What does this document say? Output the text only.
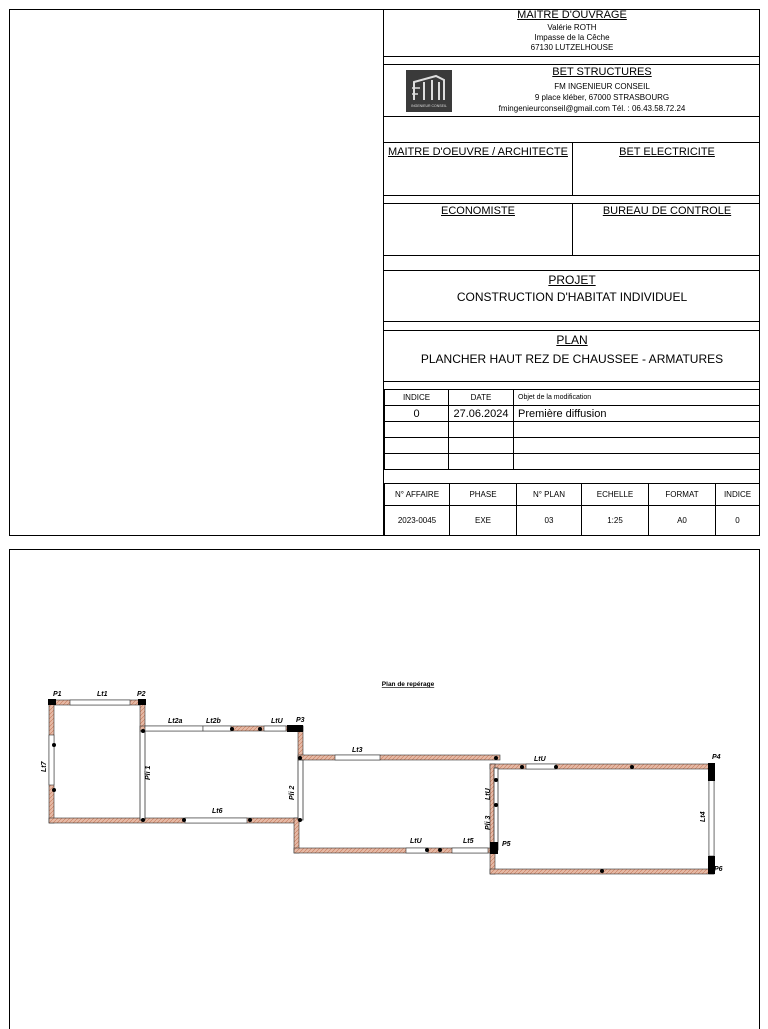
MAITRE D'OUVRAGE
Valérie ROTH
Impasse de la Cêche
67130 LUTZELHOUSE
INGENIEUR CONSEIL
BET STRUCTURES
FM INGENIEUR CONSEIL
9 place kléber, 67000 STRASBOURG
fmingenieurconseil@gmail.com Tél. : 06.43.58.72.24
MAITRE D'OEUVRE / ARCHITECTE	BET ELECTRICITE
ECONOMISTE	BUREAU DE CONTROLE
PROJET
CONSTRUCTION D'HABITAT INDIVIDUEL
PLAN
PLANCHER HAUT REZ DE CHAUSSEE - ARMATURES
INDICE	DATE	Objet de la modification
0	27.06.2024	Première diffusion

N° AFFAIRE	PHASE	N° PLAN	ECHELLE	FORMAT	INDICE
2023-0045	EXE	03	1:25	A0	0
Plan de repérage
P1	Lt1	P2
Lt2a	Lt2b	LtU P3
Lt3
LtU	P4
Lt6
LtU	Lt5	P5
P6
Lt7	Pli 1
Pli 2	LtU
Pli 3	Lt4
